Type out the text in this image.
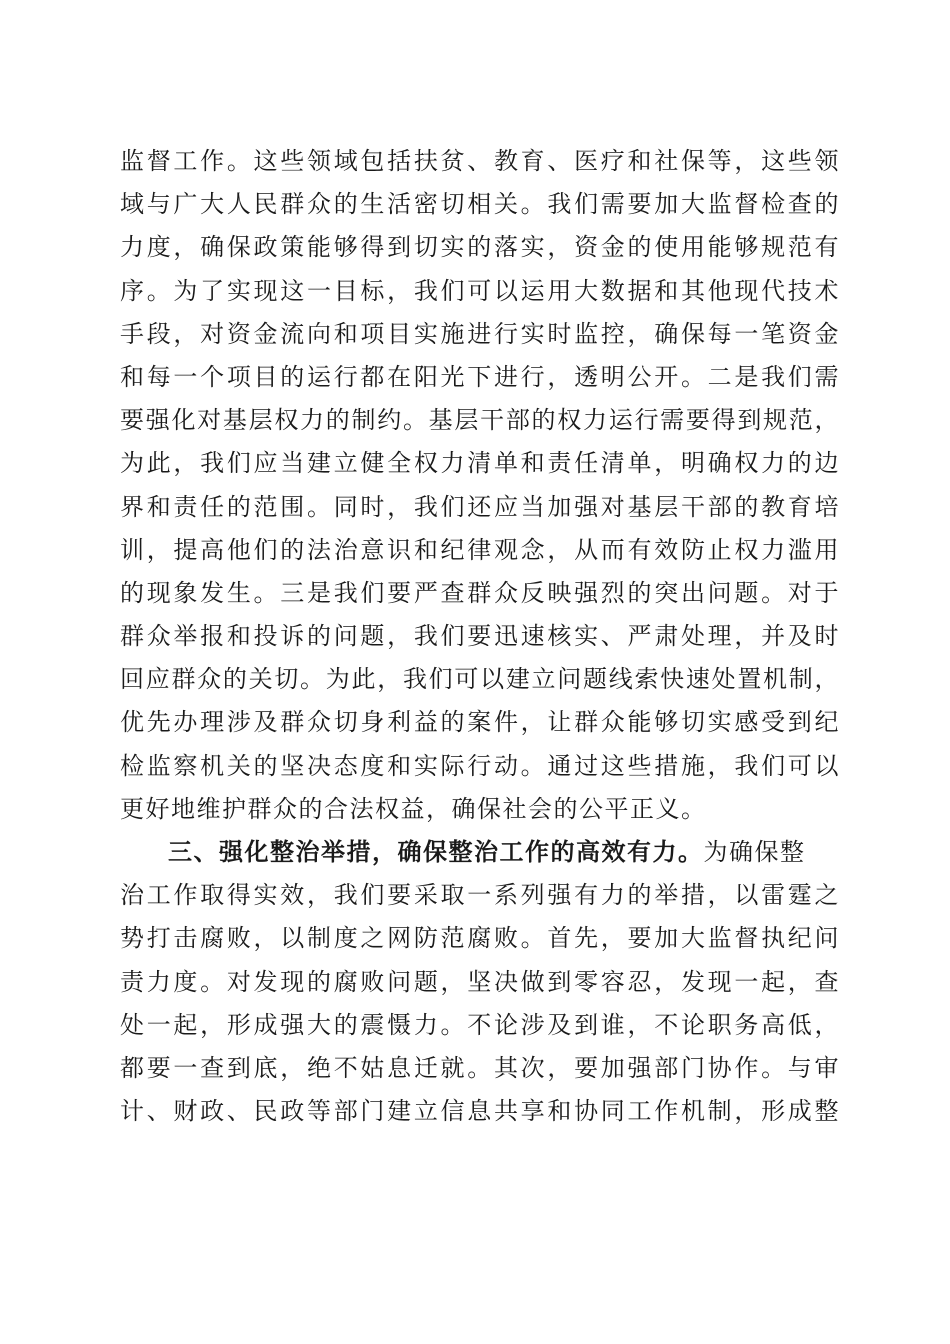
监督工作。这些领域包括扶贫、教育、医疗和社保等，这些领
域与广大人民群众的生活密切相关。我们需要加大监督检查的
力度，确保政策能够得到切实的落实，资金的使用能够规范有
序。为了实现这一目标，我们可以运用大数据和其他现代技术
手段，对资金流向和项目实施进行实时监控，确保每一笔资金
和每一个项目的运行都在阳光下进行，透明公开。二是我们需
要强化对基层权力的制约。基层干部的权力运行需要得到规范，
为此，我们应当建立健全权力清单和责任清单，明确权力的边
界和责任的范围。同时，我们还应当加强对基层干部的教育培
训，提高他们的法治意识和纪律观念，从而有效防止权力滥用
的现象发生。三是我们要严查群众反映强烈的突出问题。对于
群众举报和投诉的问题，我们要迅速核实、严肃处理，并及时
回应群众的关切。为此，我们可以建立问题线索快速处置机制，
优先办理涉及群众切身利益的案件，让群众能够切实感受到纪
检监察机关的坚决态度和实际行动。通过这些措施，我们可以
更好地维护群众的合法权益，确保社会的公平正义。
三、强化整治举措，确保整治工作的高效有力。为确保整
治工作取得实效，我们要采取一系列强有力的举措，以雷霆之
势打击腐败，以制度之网防范腐败。首先，要加大监督执纪问
责力度。对发现的腐败问题，坚决做到零容忍，发现一起，查
处一起，形成强大的震慑力。不论涉及到谁，不论职务高低，
都要一查到底，绝不姑息迁就。其次，要加强部门协作。与审
计、财政、民政等部门建立信息共享和协同工作机制，形成整
